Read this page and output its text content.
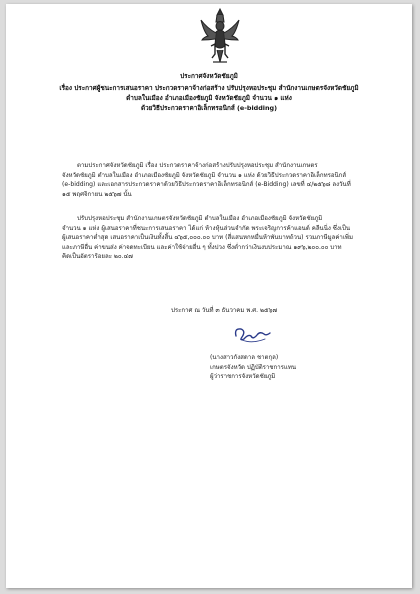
ประกาศจังหวัดชัยภูมิ
เรื่อง ประกาศผู้ชนะการเสนอราคา ประกวดราคาจ้างก่อสร้าง ปรับปรุงหอประชุม สำนักงานเกษตรจังหวัดชัยภูมิ
ตำบลในเมือง อำเภอเมืองชัยภูมิ จังหวัดชัยภูมิ จำนวน ๑ แห่ง
ด้วยวิธีประกวดราคาอิเล็กทรอนิกส์ (e-bidding)
ตามประกาศจังหวัดชัยภูมิ เรื่อง ประกวดราคาจ้างก่อสร้างปรับปรุงหอประชุม สำนักงานเกษตร
จังหวัดชัยภูมิ ตำบลในเมือง อำเภอเมืองชัยภูมิ จังหวัดชัยภูมิ จำนวน ๑ แห่ง ด้วยวิธีประกวดราคาอิเล็กทรอนิกส์
(e-bidding) และเอกสารประกวดราคาด้วยวิธีประกวดราคาอิเล็กทรอนิกส์ (e-Bidding) เลขที่ ๔/๒๕๖๘ ลงวันที่
๑๕ พฤศจิกายน ๒๕๖๗ นั้น
ปรับปรุงหอประชุม สำนักงานเกษตรจังหวัดชัยภูมิ ตำบลในเมือง อำเภอเมืองชัยภูมิ จังหวัดชัยภูมิ
จำนวน ๑ แห่ง ผู้เสนอราคาที่ชนะการเสนอราคา ได้แก่ ห้างหุ้นส่วนจำกัด พระเจริญการค้าแอนด์ คลีนนิ่ง ซึ่งเป็น
ผู้เสนอราคาต่ำสุด เสนอราคาเป็นเงินทั้งสิ้น ๔๖๕,๐๐๐.๐๐ บาท (สี่แสนหกหมื่นห้าพันบาทถ้วน) รวมภาษีมูลค่าเพิ่ม
และภาษีอื่น ค่าขนส่ง ค่าจดทะเบียน และค่าใช้จ่ายอื่น ๆ ทั้งปวง ซึ่งต่ำกว่าเงินงบประมาณ ๑๙๖,๒๐๐.๐๐ บาท
คิดเป็นอัตราร้อยละ ๒๐.๔๗
ประกาศ ณ วันที่ ๓ ธันวาคม พ.ศ. ๒๕๖๗
(นางสาวกังสดาล ชาตกุล)
เกษตรจังหวัด ปฏิบัติราชการแทน
ผู้ว่าราชการจังหวัดชัยภูมิ
